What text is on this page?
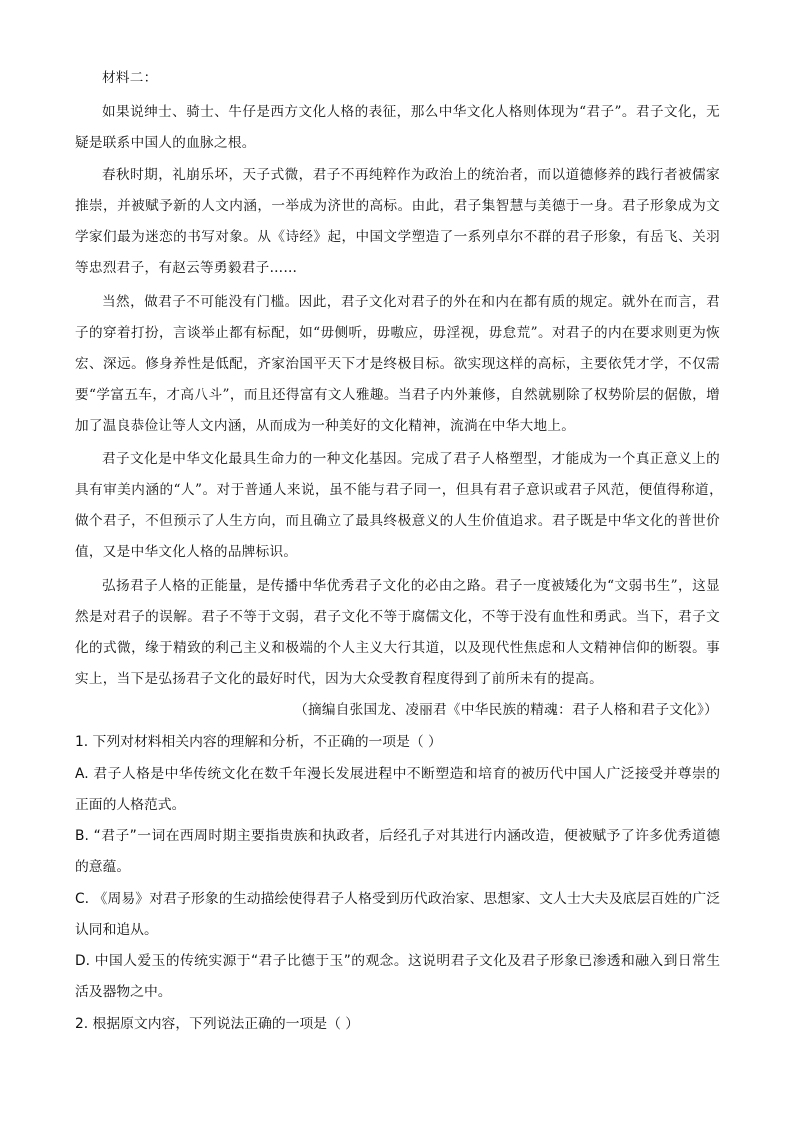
材料二：
如果说绅士、骑士、牛仔是西方文化人格的表征，那么中华文化人格则体现为“君子”。君子文化，无
疑是联系中国人的血脉之根。
春秋时期，礼崩乐坏，天子式微，君子不再纯粹作为政治上的统治者，而以道德修养的践行者被儒家
推崇，并被赋予新的人文内涵，一举成为济世的高标。由此，君子集智慧与美德于一身。君子形象成为文
学家们最为迷恋的书写对象。从《诗经》起，中国文学塑造了一系列卓尔不群的君子形象，有岳飞、关羽
等忠烈君子，有赵云等勇毅君子……
当然，做君子不可能没有门槛。因此，君子文化对君子的外在和内在都有质的规定。就外在而言，君
子的穿着打扮，言谈举止都有标配，如“毋侧听，毋嗷应，毋淫视，毋怠荒”。对君子的内在要求则更为恢
宏、深远。修身养性是低配，齐家治国平天下才是终极目标。欲实现这样的高标，主要依凭才学，不仅需
要“学富五车，才高八斗”，而且还得富有文人雅趣。当君子内外兼修，自然就剔除了权势阶层的倨傲，增
加了温良恭俭让等人文内涵，从而成为一种美好的文化精神，流淌在中华大地上。
君子文化是中华文化最具生命力的一种文化基因。完成了君子人格塑型，才能成为一个真正意义上的
具有审美内涵的“人”。对于普通人来说，虽不能与君子同一，但具有君子意识或君子风范，便值得称道，
做个君子，不但预示了人生方向，而且确立了最具终极意义的人生价值追求。君子既是中华文化的普世价
值，又是中华文化人格的品牌标识。
弘扬君子人格的正能量，是传播中华优秀君子文化的必由之路。君子一度被矮化为“文弱书生”，这显
然是对君子的误解。君子不等于文弱，君子文化不等于腐儒文化，不等于没有血性和勇武。当下，君子文
化的式微，缘于精致的利己主义和极端的个人主义大行其道，以及现代性焦虑和人文精神信仰的断裂。事
实上，当下是弘扬君子文化的最好时代，因为大众受教育程度得到了前所未有的提高。
（摘编自张国龙、凌丽君《中华民族的精魂：君子人格和君子文化》）
1. 下列对材料相关内容的理解和分析，不正确的一项是（ ）
A. 君子人格是中华传统文化在数千年漫长发展进程中不断塑造和培育的被历代中国人广泛接受并尊崇的
正面的人格范式。
B. “君子”一词在西周时期主要指贵族和执政者，后经孔子对其进行内涵改造，便被赋予了许多优秀道德
的意蕴。
C. 《周易》对君子形象的生动描绘使得君子人格受到历代政治家、思想家、文人士大夫及底层百姓的广泛
认同和追从。
D. 中国人爱玉的传统实源于“君子比德于玉”的观念。这说明君子文化及君子形象已渗透和融入到日常生
活及器物之中。
2. 根据原文内容，下列说法正确的一项是（ ）
